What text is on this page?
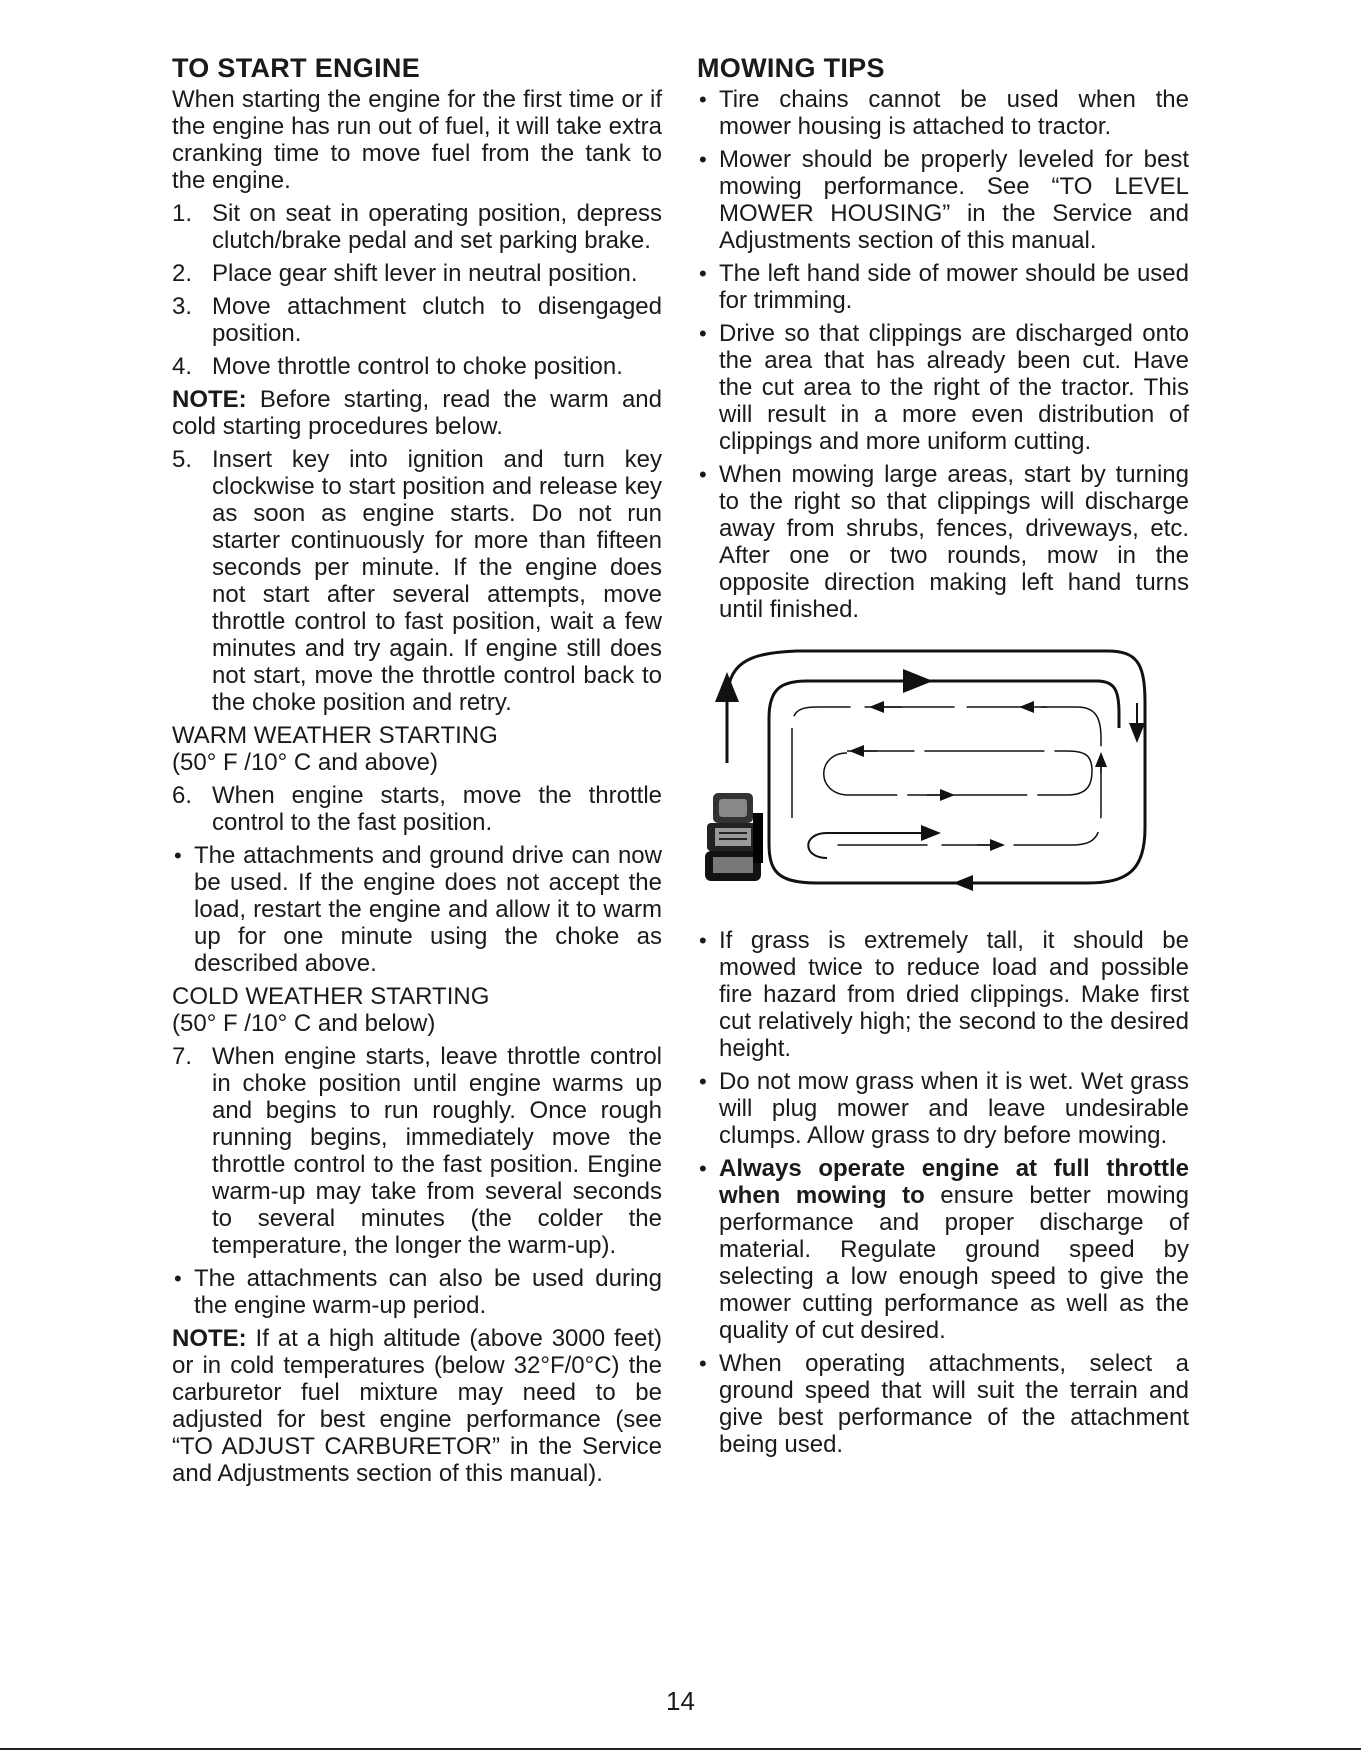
TO START ENGINE

When starting the engine for the first time or if the engine has run out of fuel, it will take extra cranking time to move fuel from the tank to the engine.

1. Sit on seat in operating position, depress clutch/brake pedal and set parking brake.
2. Place gear shift lever in neutral position.
3. Move attachment clutch to disengaged position.
4. Move throttle control to choke position.

NOTE: Before starting, read the warm and cold starting procedures below.

5. Insert key into ignition and turn key clockwise to start position and release key as soon as engine starts. Do not run starter continuously for more than fifteen seconds per minute. If the engine does not start after several attempts, move throttle control to fast position, wait a few minutes and try again. If engine still does not start, move the throttle control back to the choke position and retry.

WARM WEATHER STARTING

(50° F /10° C and above)

6. When engine starts, move the throttle control to the fast position.
• The attachments and ground drive can now be used. If the engine does not accept the load, restart the engine and allow it to warm up for one minute using the choke as described above.

COLD WEATHER STARTING

(50° F /10° C and below)

7. When engine starts, leave throttle control in choke position until engine warms up and begins to run roughly. Once rough running begins, immediately move the throttle control to the fast position. Engine warm-up may take from several seconds to several minutes (the colder the temperature, the longer the warm-up).
• The attachments can also be used during the engine warm-up period.

NOTE: If at a high altitude (above 3000 feet) or in cold temperatures (below 32°F/0°C) the carburetor fuel mixture may need to be adjusted for best engine performance (see “TO ADJUST CARBURETOR” in the Service and Adjustments section of this manual).

MOWING TIPS
• Tire chains cannot be used when the mower housing is attached to tractor.
• Mower should be properly leveled for best mowing performance. See “TO LEVEL MOWER HOUSING” in the Service and Adjustments section of this manual.
• The left hand side of mower should be used for trimming.
• Drive so that clippings are discharged onto the area that has already been cut. Have the cut area to the right of the tractor. This will result in a more even distribution of clippings and more uniform cutting.
• When mowing large areas, start by turning to the right so that clippings will discharge away from shrubs, fences, driveways, etc. After one or two rounds, mow in the opposite direction making left hand turns until finished.
• If grass is extremely tall, it should be mowed twice to reduce load and possible fire hazard from dried clippings. Make first cut relatively high; the second to the desired height.
• Do not mow grass when it is wet. Wet grass will plug mower and leave undesirable clumps. Allow grass to dry before mowing.
• Always operate engine at full throttle when mowing to ensure better mowing performance and proper discharge of material. Regulate ground speed by selecting a low enough speed to give the mower cutting performance as well as the quality of cut desired.
• When operating attachments, select a ground speed that will suit the terrain and give best performance of the attachment being used.
14
